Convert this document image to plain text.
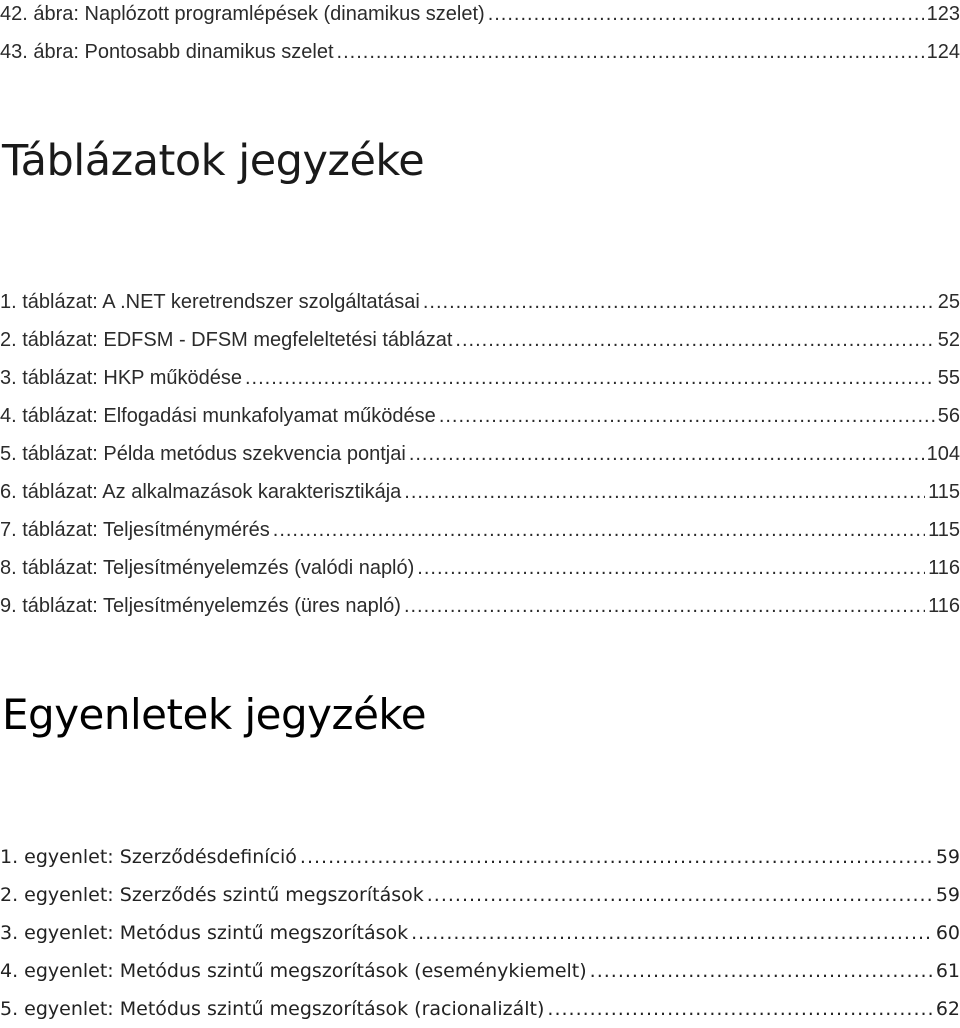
42. ábra: Naplózott programlépések (dinamikus szelet) .....	123
43. ábra: Pontosabb dinamikus szelet .....	124
Táblázatok jegyzéke
1. táblázat: A .NET keretrendszer szolgáltatásai .....	25
2. táblázat: EDFSM - DFSM megfeleltetési táblázat .....	52
3. táblázat: HKP működése .....	55
4. táblázat: Elfogadási munkafolyamat működése .....	56
5. táblázat: Példa metódus szekvencia pontjai .....	104
6. táblázat: Az alkalmazások karakterisztikája .....	115
7. táblázat: Teljesítménymérés .....	115
8. táblázat: Teljesítményelemzés (valódi napló) .....	116
9. táblázat: Teljesítményelemzés (üres napló) .....	116
Egyenletek jegyzéke
1. egyenlet: Szerződésdefiníció .....	59
2. egyenlet: Szerződés szintű megszorítások .....	59
3. egyenlet: Metódus szintű megszorítások .....	60
4. egyenlet: Metódus szintű megszorítások (eseménykiemelt) .....	61
5. egyenlet: Metódus szintű megszorítások (racionalizált) .....	62
